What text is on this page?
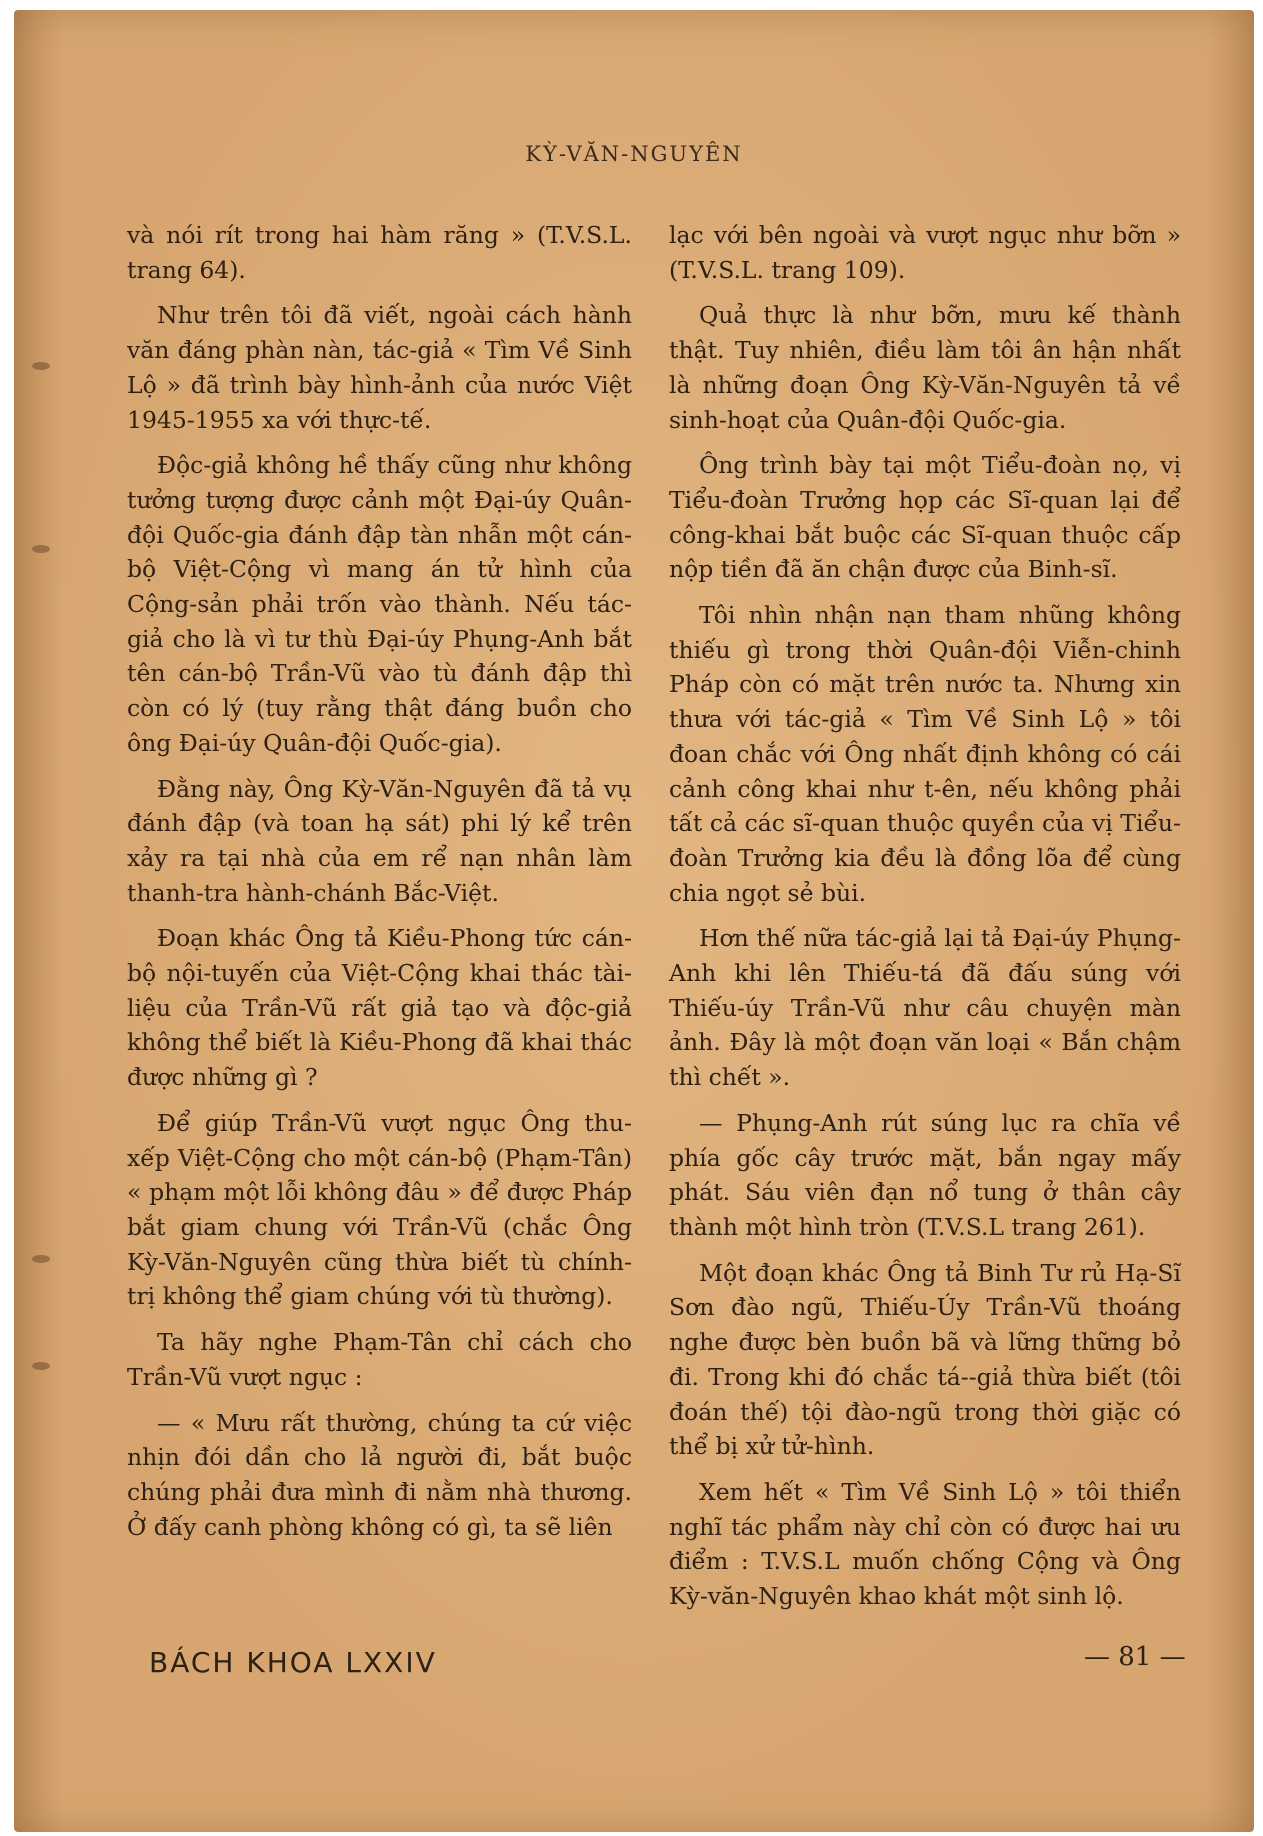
KỲ-VĂN-NGUYÊN

và nói rít trong hai hàm răng » (T.V.S.L. trang 64).

Như trên tôi đã viết, ngoài cách hành văn đáng phàn nàn, tác-giả « Tìm Về Sinh Lộ » đã trình bày hình-ảnh của nước Việt 1945-1955 xa với thực-tế.

Độc-giả không hề thấy cũng như không tưởng tượng được cảnh một Đại-úy Quân-đội Quốc-gia đánh đập tàn nhẫn một cán-bộ Việt-Cộng vì mang án tử hình của Cộng-sản phải trốn vào thành. Nếu tác-giả cho là vì tư thù Đại-úy Phụng-Anh bắt tên cán-bộ Trần-Vũ vào tù đánh đập thì còn có lý (tuy rằng thật đáng buồn cho ông Đại-úy Quân-đội Quốc-gia).

Đằng này, Ông Kỳ-Văn-Nguyên đã tả vụ đánh đập (và toan hạ sát) phi lý kể trên xảy ra tại nhà của em rể nạn nhân làm thanh-tra hành-chánh Bắc-Việt.

Đoạn khác Ông tả Kiều-Phong tức cán-bộ nội-tuyến của Việt-Cộng khai thác tài-liệu của Trần-Vũ rất giả tạo và độc-giả không thể biết là Kiều-Phong đã khai thác được những gì ?

Để giúp Trần-Vũ vượt ngục Ông thu-xếp Việt-Cộng cho một cán-bộ (Phạm-Tân) « phạm một lỗi không đâu » để được Pháp bắt giam chung với Trần-Vũ (chắc Ông Kỳ-Văn-Nguyên cũng thừa biết tù chính-trị không thể giam chúng với tù thường).

Ta hãy nghe Phạm-Tân chỉ cách cho Trần-Vũ vượt ngục :

— « Mưu rất thường, chúng ta cứ việc nhịn đói dần cho lả người đi, bắt buộc chúng phải đưa mình đi nằm nhà thương. Ở đấy canh phòng không có gì, ta sẽ liên

lạc với bên ngoài và vượt ngục như bỡn » (T.V.S.L. trang 109).

Quả thực là như bỡn, mưu kế thành thật. Tuy nhiên, điều làm tôi ân hận nhất là những đoạn Ông Kỳ-Văn-Nguyên tả về sinh-hoạt của Quân-đội Quốc-gia.

Ông trình bày tại một Tiểu-đoàn nọ, vị Tiểu-đoàn Trưởng họp các Sĩ-quan lại để công-khai bắt buộc các Sĩ-quan thuộc cấp nộp tiền đã ăn chận được của Binh-sĩ.

Tôi nhìn nhận nạn tham nhũng không thiếu gì trong thời Quân-đội Viễn-chinh Pháp còn có mặt trên nước ta. Nhưng xin thưa với tác-giả « Tìm Về Sinh Lộ » tôi đoan chắc với Ông nhất định không có cái cảnh công khai như t-ên, nếu không phải tất cả các sĩ-quan thuộc quyền của vị Tiểu-đoàn Trưởng kia đều là đồng lõa để cùng chia ngọt sẻ bùi.

Hơn thế nữa tác-giả lại tả Đại-úy Phụng-Anh khi lên Thiếu-tá đã đấu súng với Thiếu-úy Trần-Vũ như câu chuyện màn ảnh. Đây là một đoạn văn loại « Bắn chậm thì chết ».

— Phụng-Anh rút súng lục ra chĩa về phía gốc cây trước mặt, bắn ngay mấy phát. Sáu viên đạn nổ tung ở thân cây thành một hình tròn (T.V.S.L trang 261).

Một đoạn khác Ông tả Binh Tư rủ Hạ-Sĩ Sơn đào ngũ, Thiếu-Úy Trần-Vũ thoáng nghe được bèn buồn bã và lững thững bỏ đi. Trong khi đó chắc tá--giả thừa biết (tôi đoán thế) tội đào-ngũ trong thời giặc có thể bị xử tử-hình.

Xem hết « Tìm Về Sinh Lộ » tôi thiển nghĩ tác phẩm này chỉ còn có được hai ưu điểm : T.V.S.L muốn chống Cộng và Ông Kỳ-văn-Nguyên khao khát một sinh lộ.

BÁCH KHOA LXXIV	— 81 —
